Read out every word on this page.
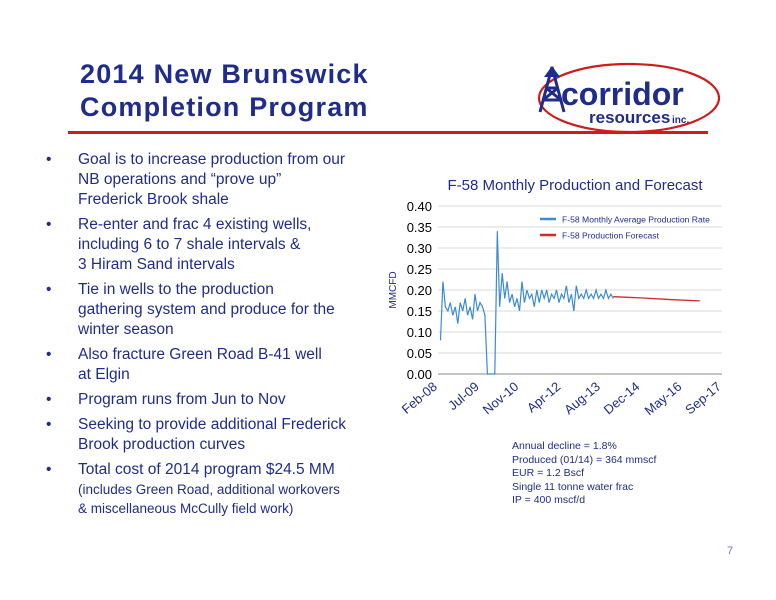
2014 New Brunswick
Completion Program	corridor
resources inc.
• Goal is to increase production from our
NB operations and “prove up”
Frederick Brook shale
• Re-enter and frac 4 existing wells,
including 6 to 7 shale intervals &
3 Hiram Sand intervals
• Tie in wells to the production
gathering system and produce for the
winter season
• Also fracture Green Road B-41 well
at Elgin
• Program runs from Jun to Nov
• Seeking to provide additional Frederick
Brook production curves
• Total cost of 2014 program $24.5 MM
(includes Green Road, additional workovers
& miscellaneous McCully field work)
F-58 Monthly Production and Forecast
0.00
0.05
0.10
0.15
0.20
0.25
0.30
0.35
0.40
MMCFD
Feb-08 Jul-09
Nov-10 Apr-12
Aug-13
Dec-14 May-16
Sep-17
F-58 Monthly Average Production Rate
F-58 Production Forecast
Annual decline = 1.8%
Produced (01/14) = 364 mmscf
EUR = 1.2 Bscf
Single 11 tonne water frac
IP = 400 mscf/d
7
